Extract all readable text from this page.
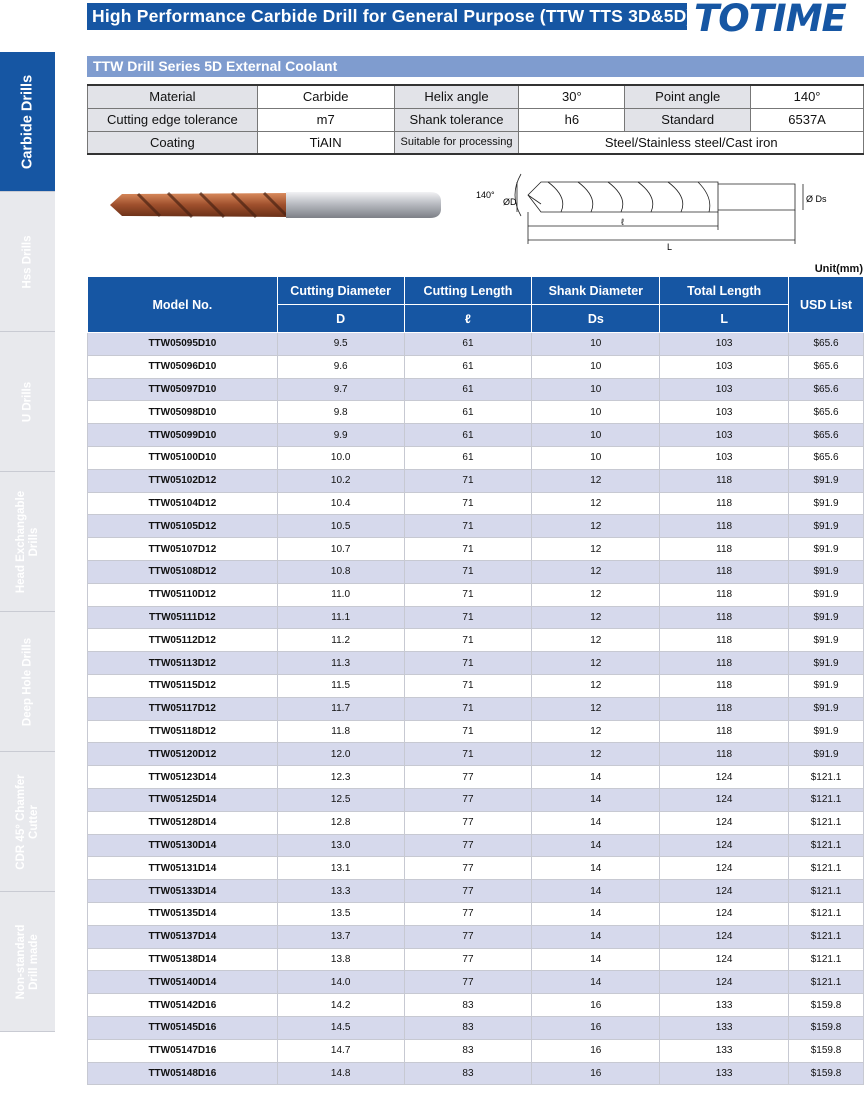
High Performance Carbide Drill for General Purpose (TTW TTS 3D&5D) TOTIME
Carbide Drills
Hss Drills
U Drills
Head Exchangable Drills
Deep Hole Drills
CDR 45° Chamfer Cutter
Non-standard Drill made
TTW Drill Series 5D External Coolant
Material	Carbide	Helix angle	30°	Point angle	140°
Cutting edge tolerance	m7	Shank tolerance	h6	Standard	6537A
Coating	TiAIN	Suitable for processing	Steel/Stainless steel/Cast iron		
140°
ØD	Ø Ds
ℓ
L
Unit(mm)
Model No.	Cutting Diameter	Cutting Length	Shank Diameter	Total Length	USD List
	D	ℓ	Ds	L	
TTW05095D10	9.5	61	10	103	$65.6
TTW05096D10	9.6	61	10	103	$65.6
TTW05097D10	9.7	61	10	103	$65.6
TTW05098D10	9.8	61	10	103	$65.6
TTW05099D10	9.9	61	10	103	$65.6
TTW05100D10	10.0	61	10	103	$65.6
TTW05102D12	10.2	71	12	118	$91.9
TTW05104D12	10.4	71	12	118	$91.9
TTW05105D12	10.5	71	12	118	$91.9
TTW05107D12	10.7	71	12	118	$91.9
TTW05108D12	10.8	71	12	118	$91.9
TTW05110D12	11.0	71	12	118	$91.9
TTW05111D12	11.1	71	12	118	$91.9
TTW05112D12	11.2	71	12	118	$91.9
TTW05113D12	11.3	71	12	118	$91.9
TTW05115D12	11.5	71	12	118	$91.9
TTW05117D12	11.7	71	12	118	$91.9
TTW05118D12	11.8	71	12	118	$91.9
TTW05120D12	12.0	71	12	118	$91.9
TTW05123D14	12.3	77	14	124	$121.1
TTW05125D14	12.5	77	14	124	$121.1
TTW05128D14	12.8	77	14	124	$121.1
TTW05130D14	13.0	77	14	124	$121.1
TTW05131D14	13.1	77	14	124	$121.1
TTW05133D14	13.3	77	14	124	$121.1
TTW05135D14	13.5	77	14	124	$121.1
TTW05137D14	13.7	77	14	124	$121.1
TTW05138D14	13.8	77	14	124	$121.1
TTW05140D14	14.0	77	14	124	$121.1
TTW05142D16	14.2	83	16	133	$159.8
TTW05145D16	14.5	83	16	133	$159.8
TTW05147D16	14.7	83	16	133	$159.8
TTW05148D16	14.8	83	16	133	$159.8
